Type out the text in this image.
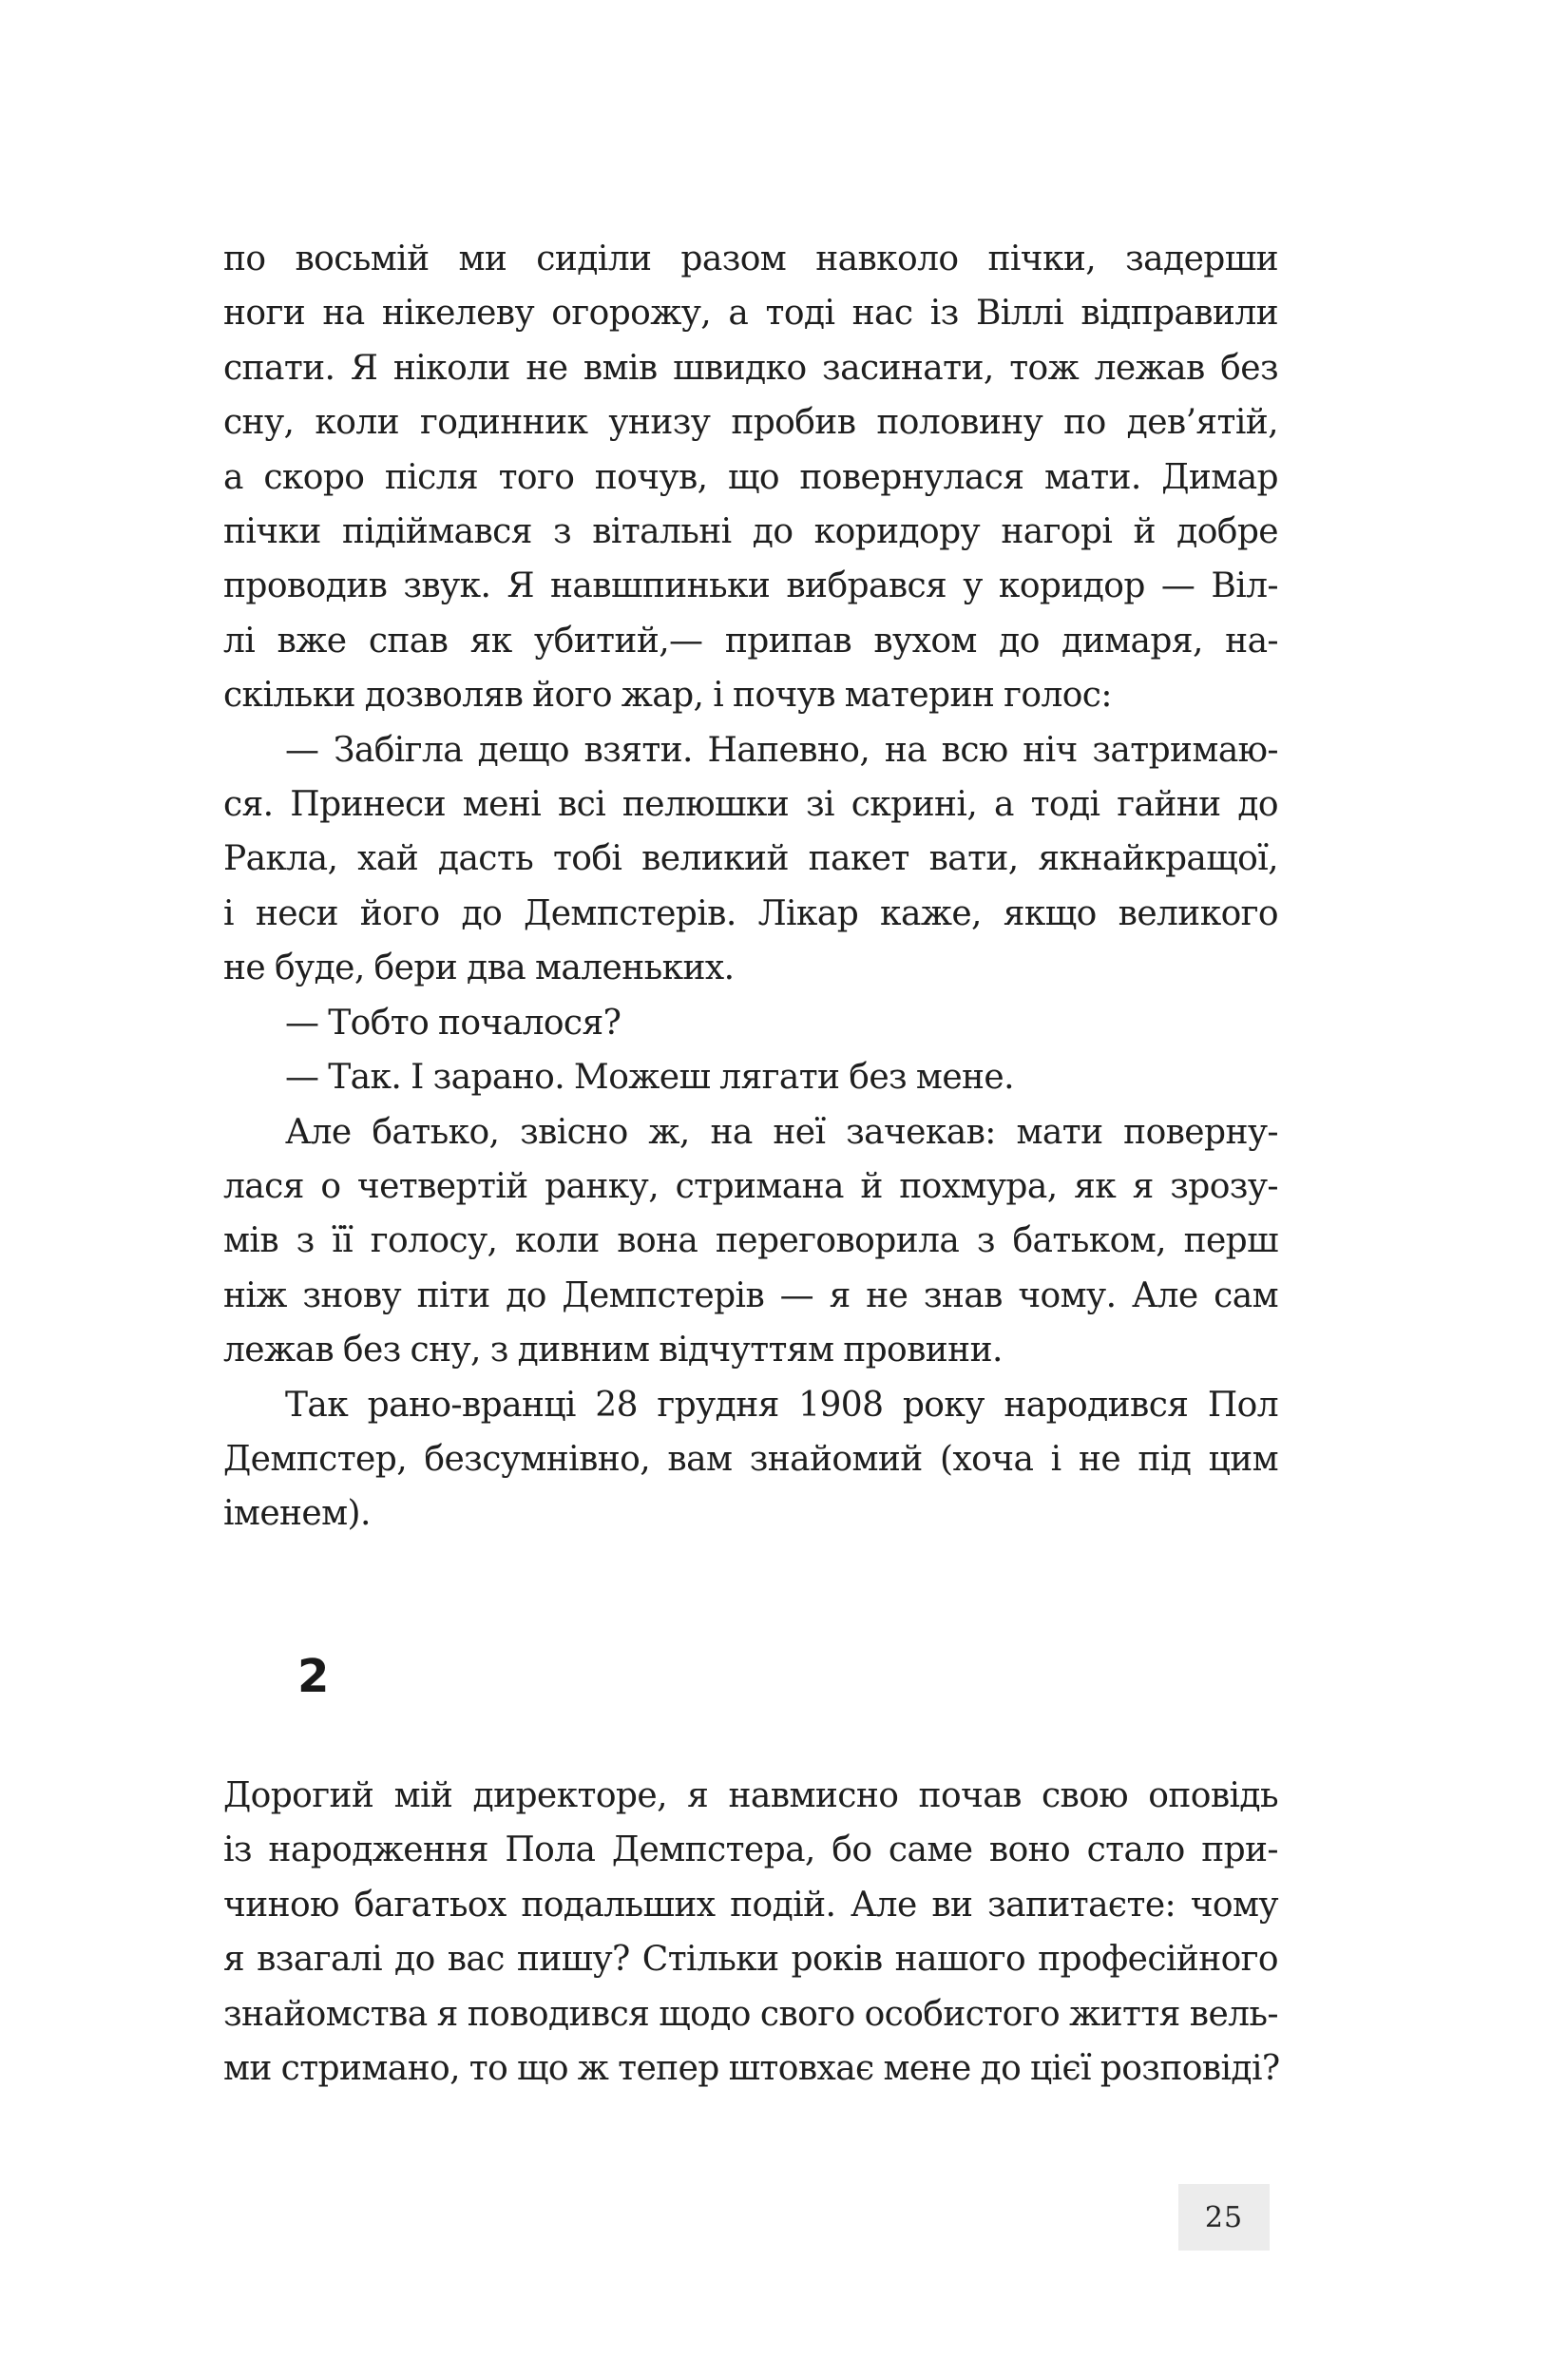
по восьмій ми сиділи разом навколо пічки, задерши
ноги на нікелеву огорожу, а тоді нас із Віллі відправили
спати. Я ніколи не вмів швидко засинати, тож лежав без
сну, коли годинник унизу пробив половину по дев’ятій,
а скоро після того почув, що повернулася мати. Димар
пічки підіймався з вітальні до коридору нагорі й добре
проводив звук. Я навшпиньки вибрався у коридор — Віл-
лі вже спав як убитий,— припав вухом до димаря, на-
скільки дозволяв його жар, і почув материн голос:
— Забігла дещо взяти. Напевно, на всю ніч затримаю-
ся. Принеси мені всі пелюшки зі скрині, а тоді гайни до
Ракла, хай дасть тобі великий пакет вати, якнайкращої,
і неси його до Демпстерів. Лікар каже, якщо великого
не буде, бери два маленьких.
— Тобто почалося?
— Так. І зарано. Можеш лягати без мене.
Але батько, звісно ж, на неї зачекав: мати поверну-
лася о четвертій ранку, стримана й похмура, як я зрозу-
мів з її голосу, коли вона переговорила з батьком, перш
ніж знову піти до Демпстерів — я не знав чому. Але сам
лежав без сну, з дивним відчуттям провини.
Так рано-вранці 28 грудня 1908 року народився Пол
Демпстер, безсумнівно, вам знайомий (хоча і не під цим
іменем).
2
Дорогий мій директоре, я навмисно почав свою оповідь
із народження Пола Демпстера, бо саме воно стало при-
чиною багатьох подальших подій. Але ви запитаєте: чому
я взагалі до вас пишу? Стільки років нашого професійного
знайомства я поводився щодо свого особистого життя вель-
ми стримано, то що ж тепер штовхає мене до цієї розповіді?
25
